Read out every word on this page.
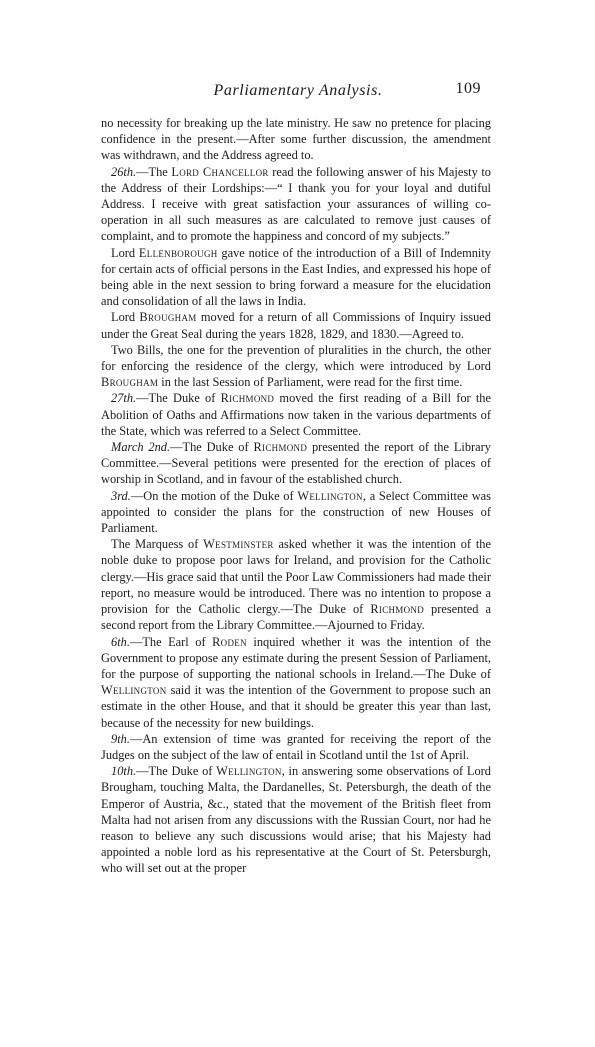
Parliamentary Analysis.	109

no necessity for breaking up the late ministry. He saw no pretence for placing confidence in the present.—After some further discussion, the amendment was withdrawn, and the Address agreed to.

26th.—The Lord Chancellor read the following answer of his Majesty to the Address of their Lordships:—“ I thank you for your loyal and dutiful Address. I receive with great satisfaction your assurances of willing co-operation in all such measures as are calculated to remove just causes of complaint, and to promote the happiness and concord of my subjects.”

Lord Ellenborough gave notice of the introduction of a Bill of Indemnity for certain acts of official persons in the East Indies, and expressed his hope of being able in the next session to bring forward a measure for the elucidation and consolidation of all the laws in India.

Lord Brougham moved for a return of all Commissions of Inquiry issued under the Great Seal during the years 1828, 1829, and 1830.—Agreed to.

Two Bills, the one for the prevention of pluralities in the church, the other for enforcing the residence of the clergy, which were introduced by Lord Brougham in the last Session of Parliament, were read for the first time.

27th.—The Duke of Richmond moved the first reading of a Bill for the Abolition of Oaths and Affirmations now taken in the various departments of the State, which was referred to a Select Committee.

March 2nd.—The Duke of Richmond presented the report of the Library Committee.—Several petitions were presented for the erection of places of worship in Scotland, and in favour of the established church.

3rd.—On the motion of the Duke of Wellington, a Select Committee was appointed to consider the plans for the construction of new Houses of Parliament.

The Marquess of Westminster asked whether it was the intention of the noble duke to propose poor laws for Ireland, and provision for the Catholic clergy.—His grace said that until the Poor Law Commissioners had made their report, no measure would be introduced. There was no intention to propose a provision for the Catholic clergy.—The Duke of Richmond presented a second report from the Library Committee.—Ajourned to Friday.

6th.—The Earl of Roden inquired whether it was the intention of the Government to propose any estimate during the present Session of Parliament, for the purpose of supporting the national schools in Ireland.—The Duke of Wellington said it was the intention of the Government to propose such an estimate in the other House, and that it should be greater this year than last, because of the necessity for new buildings.

9th.—An extension of time was granted for receiving the report of the Judges on the subject of the law of entail in Scotland until the 1st of April.

10th.—The Duke of Wellington, in answering some observations of Lord Brougham, touching Malta, the Dardanelles, St. Petersburgh, the death of the Emperor of Austria, &c., stated that the movement of the British fleet from Malta had not arisen from any discussions with the Russian Court, nor had he reason to believe any such discussions would arise; that his Majesty had appointed a noble lord as his representative at the Court of St. Petersburgh, who will set out at the proper
